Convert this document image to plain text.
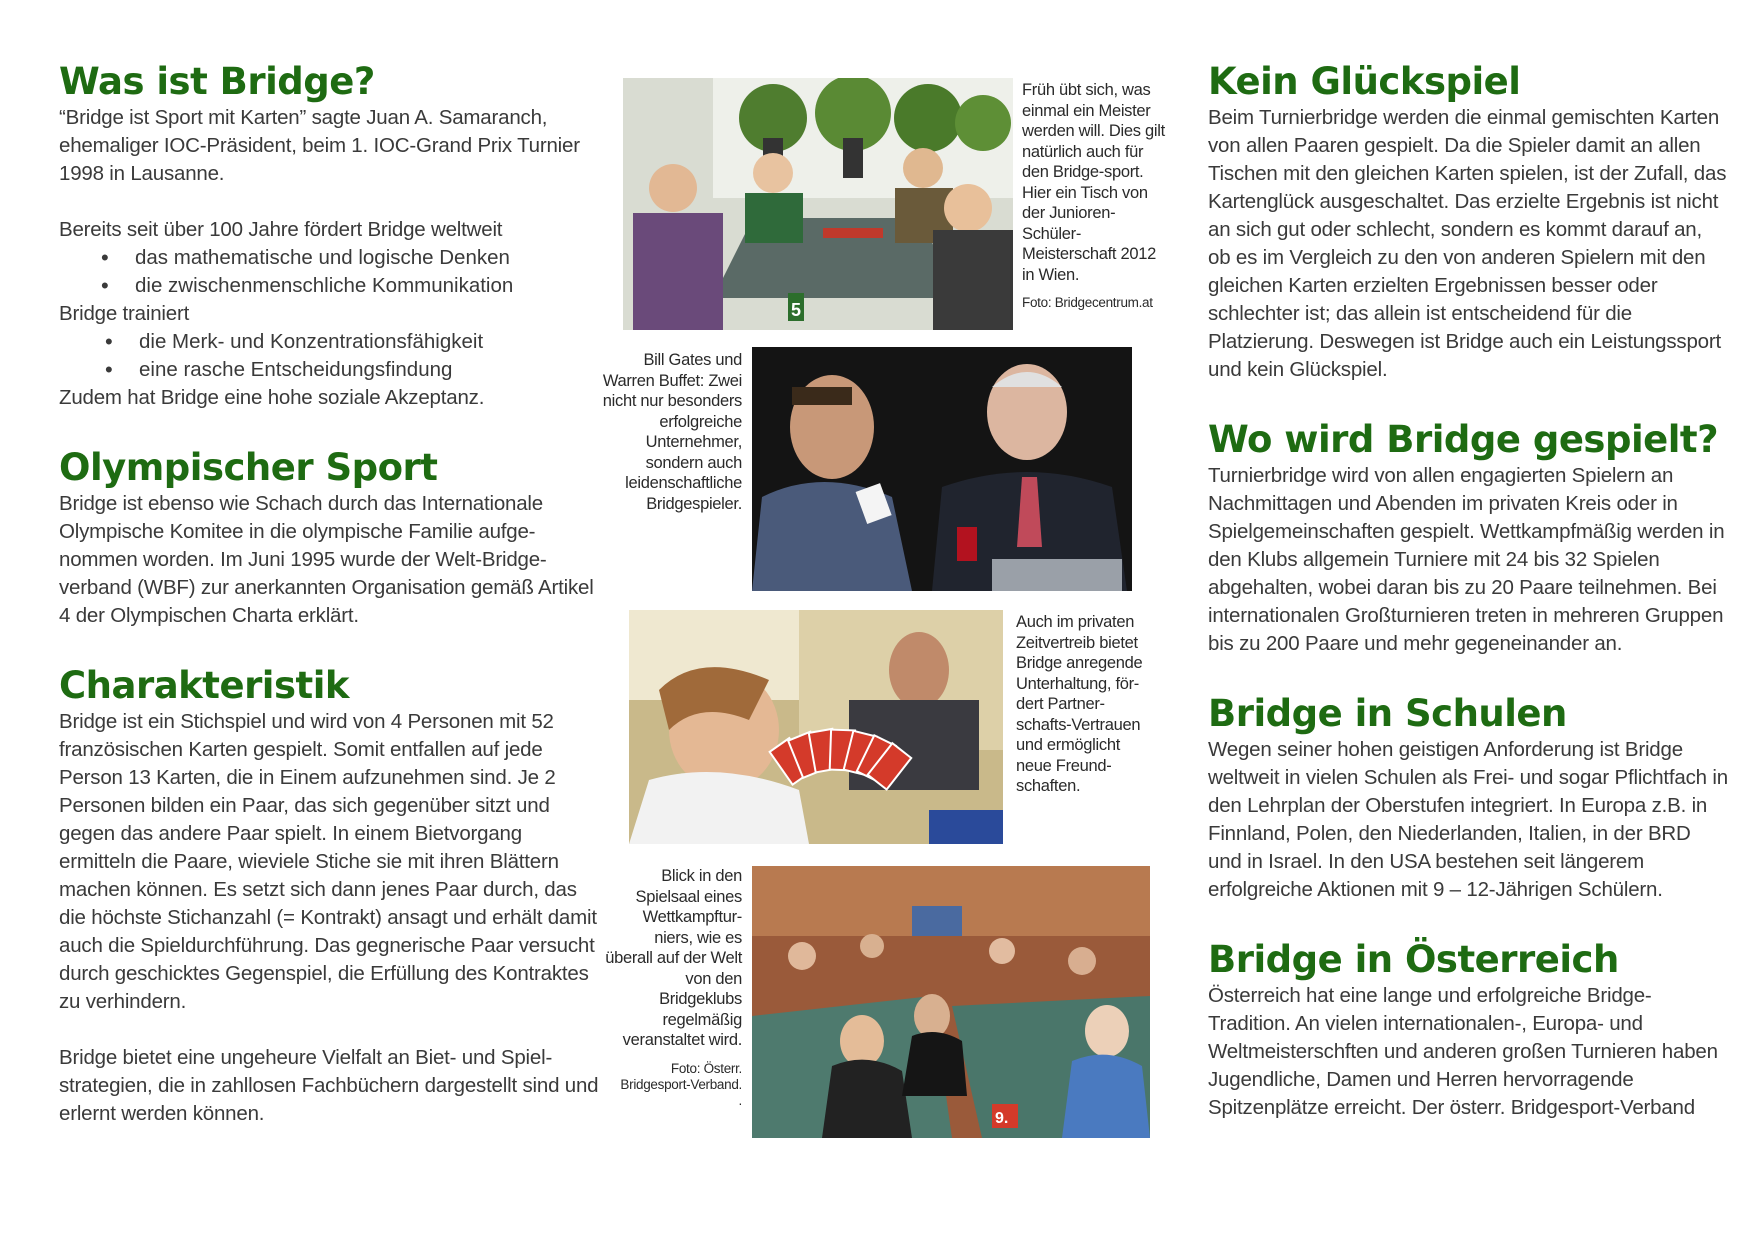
Was ist Bridge?

“Bridge ist Sport mit Karten” sagte Juan A. Samaranch, ehemaliger IOC-Präsident, beim 1. IOC-Grand Prix Turnier 1998 in Lausanne.

Bereits seit über 100 Jahre fördert Bridge weltweit

• das mathematische und logische Denken
• die zwischenmenschliche Kommunikation

Bridge trainiert

• die Merk- und Konzentrationsfähigkeit
• eine rasche Entscheidungsfindung

Zudem hat Bridge eine hohe soziale Akzeptanz.

Olympischer Sport

Bridge ist ebenso wie Schach durch das Internationale Olympische Komitee in die olympische Familie aufge-nommen worden. Im Juni 1995 wurde der Welt-Bridge-verband (WBF) zur anerkannten Organisation gemäß Artikel 4 der Olympischen Charta erklärt.

Charakteristik

Bridge ist ein Stichspiel und wird von 4 Personen mit 52 französischen Karten gespielt. Somit entfallen auf jede Person 13 Karten, die in Einem aufzunehmen sind. Je 2 Personen bilden ein Paar, das sich gegenüber sitzt und gegen das andere Paar spielt. In einem Bietvorgang ermitteln die Paare, wieviele Stiche sie mit ihren Blättern machen können. Es setzt sich dann jenes Paar durch, das die höchste Stichanzahl (= Kontrakt) ansagt und erhält damit auch die Spieldurchführung. Das gegnerische Paar versucht durch geschicktes Gegenspiel, die Erfüllung des Kontraktes zu verhindern.

Bridge bietet eine ungeheure Vielfalt an Biet- und Spiel-strategien, die in zahllosen Fachbüchern dargestellt sind und erlernt werden können.

5
Früh übt sich, was einmal ein Meister werden will. Dies gilt natürlich auch für den Bridge-sport. Hier ein Tisch von der Junioren-Schüler-Meisterschaft 2012 in Wien.
Foto: Bridgecentrum.at
Bill Gates und Warren Buffet: Zwei nicht nur besonders erfolgreiche Unternehmer, sondern auch leidenschaftliche Bridgespieler.
Auch im privaten Zeitvertreib bietet Bridge anregende Unterhaltung, för-dert Partner-schafts-Vertrauen und ermöglicht neue Freund-schaften.
Blick in den Spielsaal eines Wettkampftur-niers, wie es überall auf der Welt von den Bridgeklubs regelmäßig veranstaltet wird.
Foto: Österr. Bridgesport-Verband.
.
9.
Kein Glückspiel

Beim Turnierbridge werden die einmal gemischten Karten von allen Paaren gespielt. Da die Spieler damit an allen Tischen mit den gleichen Karten spielen, ist der Zufall, das Kartenglück ausgeschaltet. Das erzielte Ergebnis ist nicht an sich gut oder schlecht, sondern es kommt darauf an, ob es im Vergleich zu den von anderen Spielern mit den gleichen Karten erzielten Ergebnissen besser oder schlechter ist; das allein ist entscheidend für die Platzierung. Deswegen ist Bridge auch ein Leistungssport und kein Glückspiel.

Wo wird Bridge gespielt?

Turnierbridge wird von allen engagierten Spielern an Nachmittagen und Abenden im privaten Kreis oder in Spielgemeinschaften gespielt. Wettkampfmäßig werden in den Klubs allgemein Turniere mit 24 bis 32 Spielen abgehalten, wobei daran bis zu 20 Paare teilnehmen. Bei internationalen Großturnieren treten in mehreren Gruppen bis zu 200 Paare und mehr gegeneinander an.

Bridge in Schulen

Wegen seiner hohen geistigen Anforderung ist Bridge weltweit in vielen Schulen als Frei- und sogar Pflichtfach in den Lehrplan der Oberstufen integriert. In Europa z.B. in Finnland, Polen, den Niederlanden, Italien, in der BRD und in Israel. In den USA bestehen seit längerem erfolgreiche Aktionen mit 9 – 12-Jährigen Schülern.

Bridge in Österreich

Österreich hat eine lange und erfolgreiche Bridge-Tradition. An vielen internationalen-, Europa- und Weltmeisterschften und anderen großen Turnieren haben Jugendliche, Damen und Herren hervorragende Spitzenplätze erreicht. Der österr. Bridgesport-Verband
